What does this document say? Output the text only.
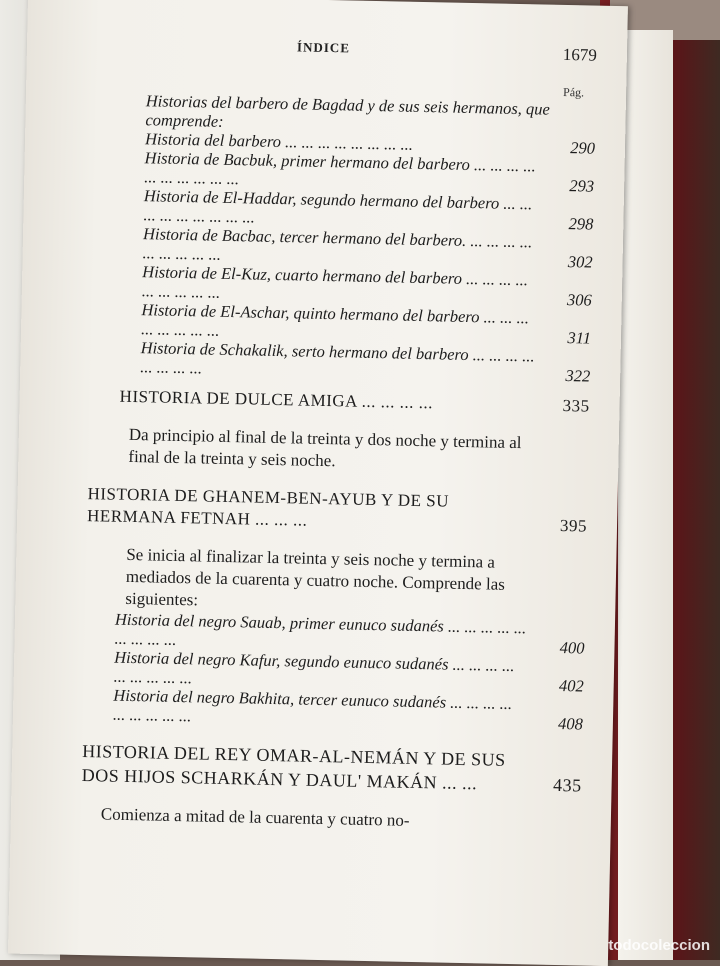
ÍNDICE	1679
Pág.
Historias del barbero de Bagdad y de sus seis hermanos, que comprende:
Historia del barbero ... ... ... ... ... ... ... ...	290
Historia de Bacbuk, primer hermano del barbero ... ... ... ... ... ... ... ... ... ...	293
Historia de El-Haddar, segundo hermano del barbero ... ... ... ... ... ... ... ... ...	298
Historia de Bacbac, tercer hermano del barbero. ... ... ... ... ... ... ... ... ...	302
Historia de El-Kuz, cuarto hermano del barbero ... ... ... ... ... ... ... ... ...	306
Historia de El-Aschar, quinto hermano del barbero ... ... ... ... ... ... ... ...	311
Historia de Schakalik, serto hermano del barbero ... ... ... ... ... ... ... ...	322
HISTORIA DE DULCE AMIGA ... ... ... ...	335
Da principio al final de la treinta y dos noche y termina al final de la treinta y seis noche.
HISTORIA DE GHANEM-BEN-AYUB Y DE SU HERMANA FETNAH ... ... ...	395
Se inicia al finalizar la treinta y seis noche y termina a mediados de la cuarenta y cuatro noche. Comprende las siguientes:
Historia del negro Sauab, primer eunuco sudanés ... ... ... ... ... ... ... ... ...	400
Historia del negro Kafur, segundo eunuco sudanés ... ... ... ... ... ... ... ... ...	402
Historia del negro Bakhita, tercer eunuco sudanés ... ... ... ... ... ... ... ... ...	408
HISTORIA DEL REY OMAR-AL-NEMÁN Y DE SUS DOS HIJOS SCHARKÁN Y DAUL' MAKÁN ... ...	435
Comienza a mitad de la cuarenta y cuatro no-
todocoleccion
